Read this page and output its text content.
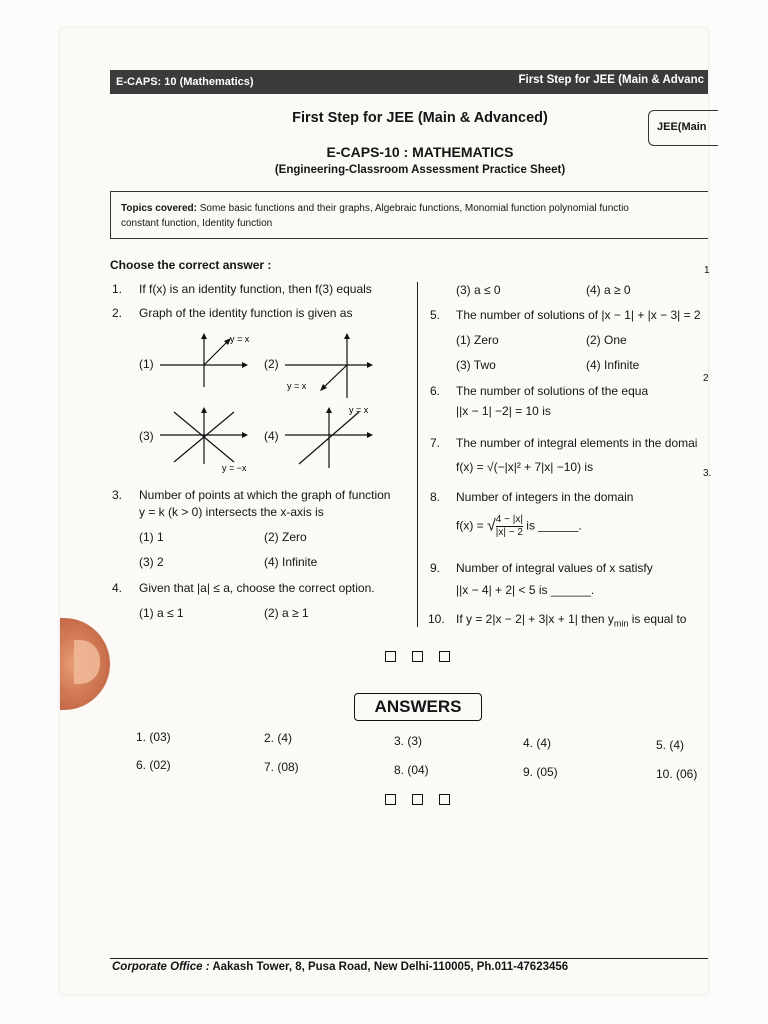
E-CAPS: 10 (Mathematics)	First Step for JEE (Main & Advanc
First Step for JEE (Main & Advanced)
E-CAPS-10 : MATHEMATICS
(Engineering-Classroom Assessment Practice Sheet)
JEE(Main
Topics covered: Some basic functions and their graphs, Algebraic functions, Monomial function polynomial functio
constant function, Identity function
Choose the correct answer :
1. If f(x) is an identity function, then f(3) equals
2. Graph of the identity function is given as
(1)
y = x
(2)
y = x
(3)
y = −x
(4)
y = x
3. Number of points at which the graph of function
y = k (k > 0) intersects the x-axis is
(1) 1	(2) Zero
(3) 2	(4) Infinite
4. Given that |a| ≤ a, choose the correct option.
(1) a ≤ 1	(2) a ≥ 1
(3) a ≤ 0	(4) a ≥ 0
5. The number of solutions of |x − 1| + |x − 3| = 2
(1) Zero	(2) One
(3) Two	(4) Infinite
6. The number of solutions of the equa
||x − 1| −2| = 10 is
7. The number of integral elements in the domai
f(x) = √(−|x|² + 7|x| −10) is
8. Number of integers in the domain
f(x) = √ $\frac{4 - |x|}{|x| - 2}$ is ______.
9. Number of integral values of x satisfy
||x − 4| + 2| < 5 is ______.
10. If y = 2|x − 2| + 3|x + 1| then $y_{min}$ is equal to
1
2
3.
ANSWERS
1. (03)	2. (4)	3. (3)	4. (4)	5. (4)
6. (02)	7. (08)	8. (04)	9. (05)	10. (06)
Corporate Office : Aakash Tower, 8, Pusa Road, New Delhi-110005, Ph.011-47623456
